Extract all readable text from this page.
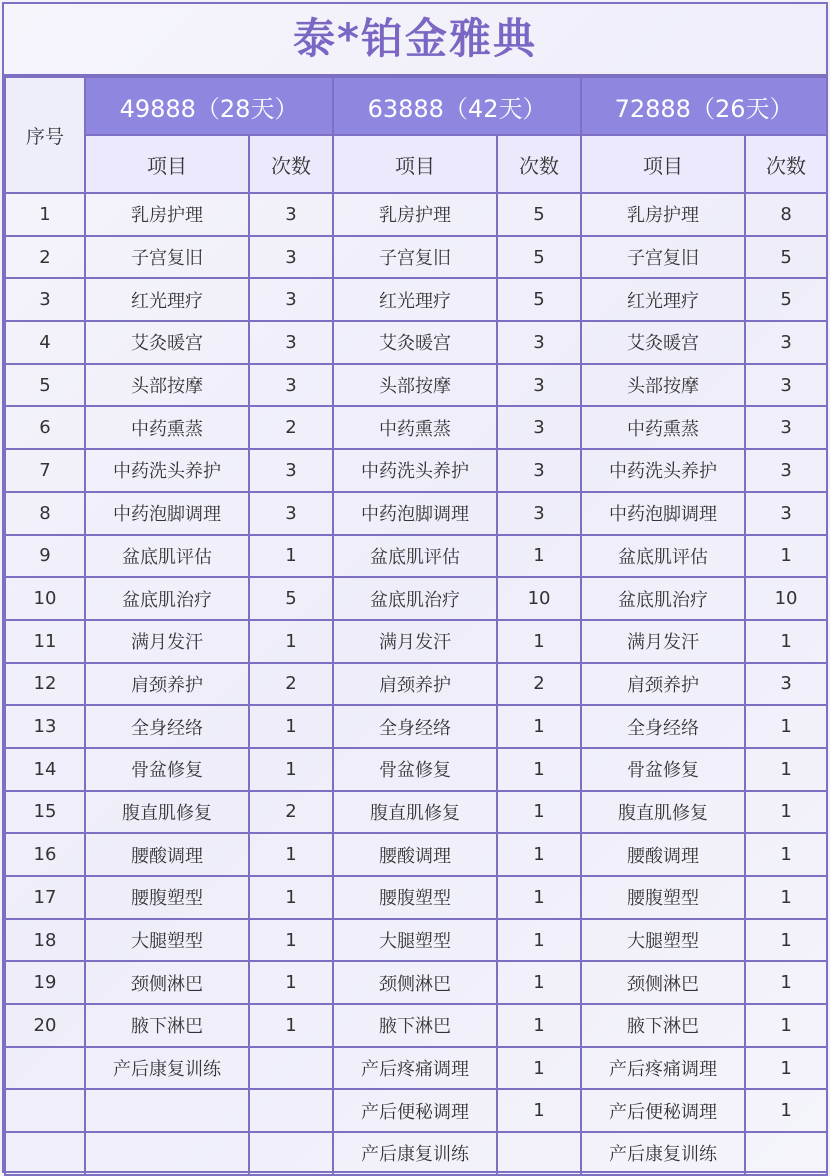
泰*铂金雅典
序号	49888（28天）		63888（42天）		72888（26天）	
	项目	次数	项目	次数	项目	次数
1	乳房护理	3	乳房护理	5	乳房护理	8
2	子宫复旧	3	子宫复旧	5	子宫复旧	5
3	红光理疗	3	红光理疗	5	红光理疗	5
4	艾灸暖宫	3	艾灸暖宫	3	艾灸暖宫	3
5	头部按摩	3	头部按摩	3	头部按摩	3
6	中药熏蒸	2	中药熏蒸	3	中药熏蒸	3
7	中药洗头养护	3	中药洗头养护	3	中药洗头养护	3
8	中药泡脚调理	3	中药泡脚调理	3	中药泡脚调理	3
9	盆底肌评估	1	盆底肌评估	1	盆底肌评估	1
10	盆底肌治疗	5	盆底肌治疗	10	盆底肌治疗	10
11	满月发汗	1	满月发汗	1	满月发汗	1
12	肩颈养护	2	肩颈养护	2	肩颈养护	3
13	全身经络	1	全身经络	1	全身经络	1
14	骨盆修复	1	骨盆修复	1	骨盆修复	1
15	腹直肌修复	2	腹直肌修复	1	腹直肌修复	1
16	腰酸调理	1	腰酸调理	1	腰酸调理	1
17	腰腹塑型	1	腰腹塑型	1	腰腹塑型	1
18	大腿塑型	1	大腿塑型	1	大腿塑型	1
19	颈侧淋巴	1	颈侧淋巴	1	颈侧淋巴	1
20	腋下淋巴	1	腋下淋巴	1	腋下淋巴	1
	产后康复训练		产后疼痛调理	1	产后疼痛调理	1
			产后便秘调理	1	产后便秘调理	1
			产后康复训练		产后康复训练	
